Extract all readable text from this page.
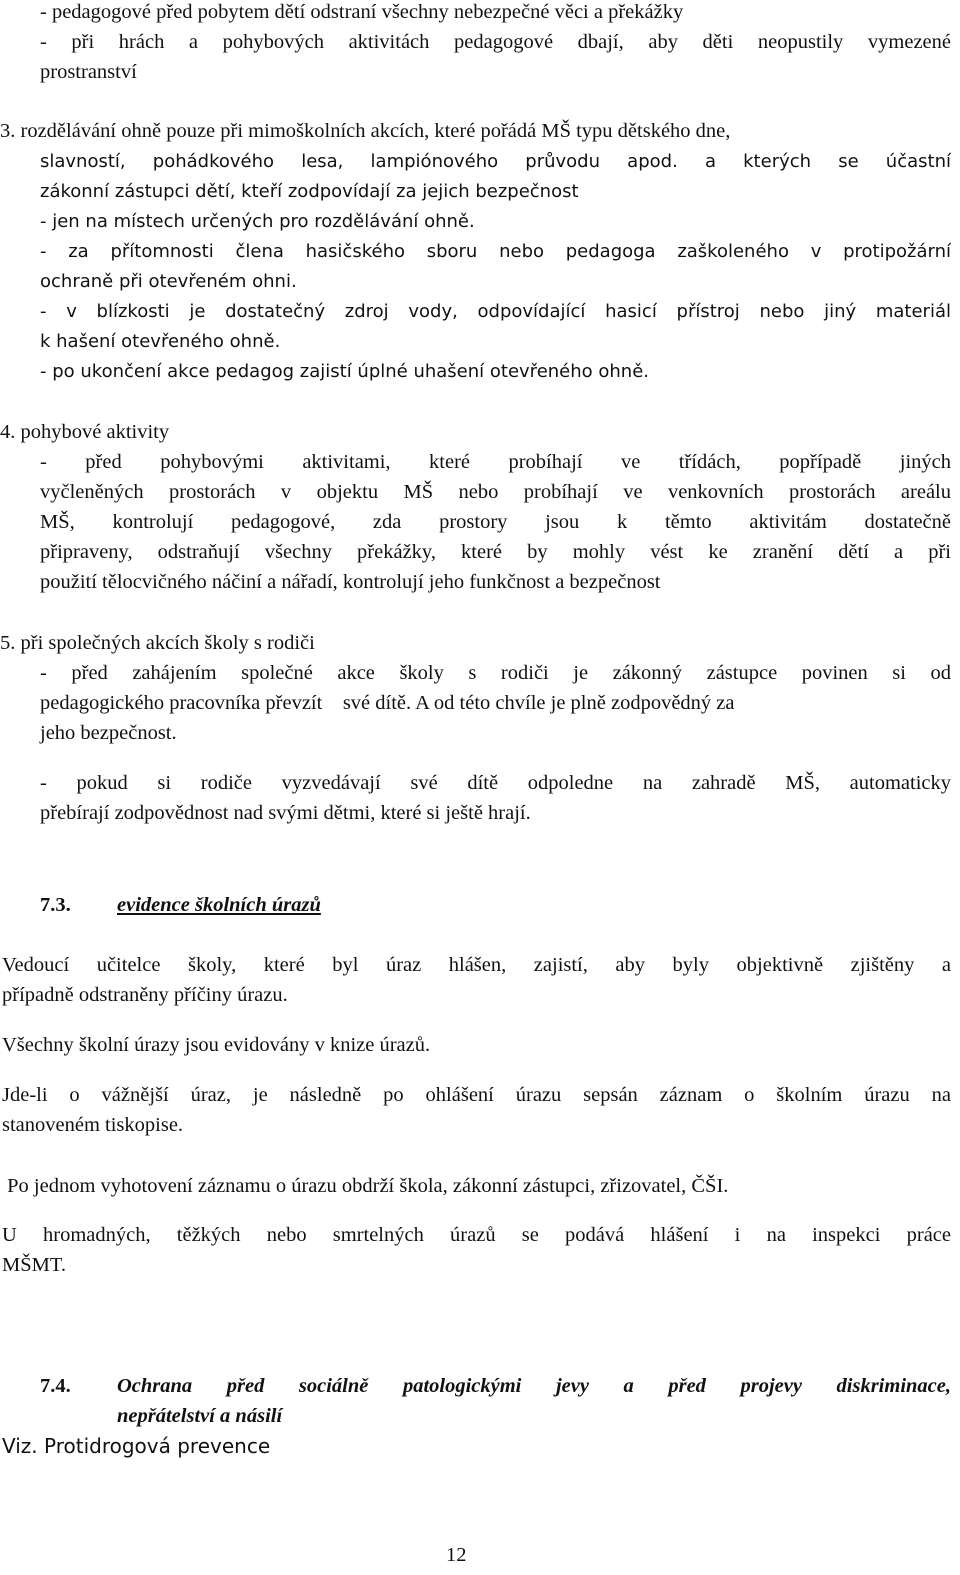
- pedagogové před pobytem dětí odstraní všechny nebezpečné věci a překážky
- při hrách a pohybových aktivitách pedagogové dbají, aby děti neopustily vymezené
prostranství
3. rozdělávání ohně pouze při mimoškolních akcích, které pořádá MŠ typu dětského dne,
slavností, pohádkového lesa, lampiónového průvodu apod. a kterých se účastní
zákonní zástupci dětí, kteří zodpovídají za jejich bezpečnost
- jen na místech určených pro rozdělávání ohně.
- za přítomnosti člena hasičského sboru nebo pedagoga zaškoleného v protipožární
ochraně při otevřeném ohni.
- v blízkosti je dostatečný zdroj vody, odpovídající hasicí přístroj nebo jiný materiál
k hašení otevřeného ohně.
- po ukončení akce pedagog zajistí úplné uhašení otevřeného ohně.
4. pohybové aktivity
- před pohybovými aktivitami, které probíhají ve třídách, popřípadě jiných
vyčleněných prostorách v objektu MŠ nebo probíhají ve venkovních prostorách areálu
MŠ, kontrolují pedagogové, zda prostory jsou k těmto aktivitám dostatečně
připraveny, odstraňují všechny překážky, které by mohly vést ke zranění dětí a při
použití tělocvičného náčiní a nářadí, kontrolují jeho funkčnost a bezpečnost
5. při společných akcích školy s rodiči
- před zahájením společné akce školy s rodiči je zákonný zástupce povinen si od
pedagogického pracovníka převzít    své dítě. A od této chvíle je plně zodpovědný za
jeho bezpečnost.
- pokud si rodiče vyzvedávají své dítě odpoledne na zahradě MŠ, automaticky
přebírají zodpovědnost nad svými dětmi, které si ještě hrají.
7.3. evidence školních úrazů
Vedoucí učitelce školy, které byl úraz hlášen, zajistí, aby byly objektivně zjištěny a
případně odstraněny příčiny úrazu.
Všechny školní úrazy jsou evidovány v knize úrazů.
Jde-li o vážnější úraz, je následně po ohlášení úrazu sepsán záznam o školním úrazu na
stanoveném tiskopise.
Po jednom vyhotovení záznamu o úrazu obdrží škola, zákonní zástupci, zřizovatel, ČŠI.
U hromadných, těžkých nebo smrtelných úrazů se podává hlášení i na inspekci práce
MŠMT.
7.4. Ochrana před sociálně patologickými jevy a před projevy diskriminace,
nepřátelství a násilí
Viz. Protidrogová prevence
12
